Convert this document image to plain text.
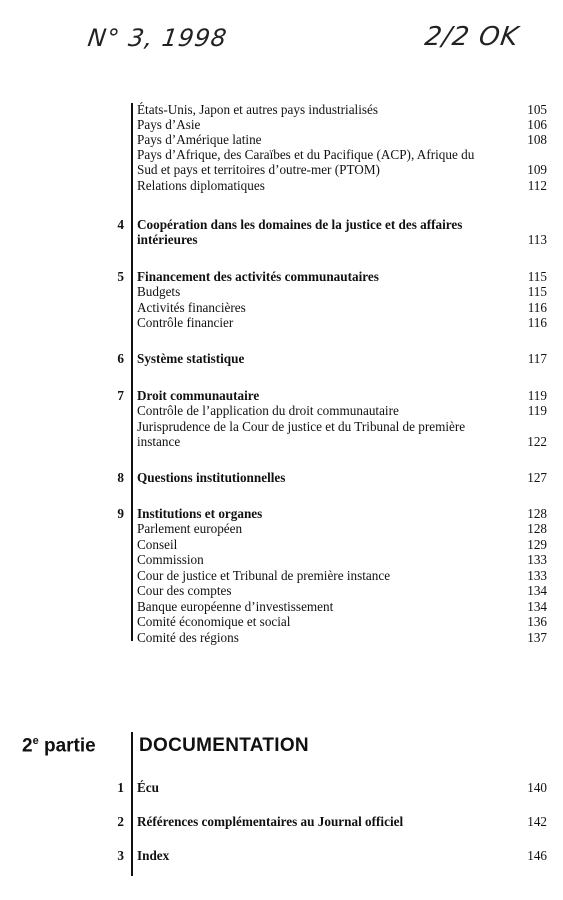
N° 3, 1998	2/2 OK
États-Unis, Japon et autres pays industrialisés	105
Pays d’Asie	106
Pays d’Amérique latine	108
Pays d’Afrique, des Caraïbes et du Pacifique (ACP), Afrique du Sud et pays et territoires d’outre-mer (PTOM)	109
Relations diplomatiques	112
4 Coopération dans les domaines de la justice et des affaires intérieures	113
5 Financement des activités communautaires	115
Budgets	115
Activités financières	116
Contrôle financier	116
6 Système statistique	117
7 Droit communautaire	119
Contrôle de l’application du droit communautaire	119
Jurisprudence de la Cour de justice et du Tribunal de première instance	122
8 Questions institutionnelles	127
9 Institutions et organes	128
Parlement européen	128
Conseil	129
Commission	133
Cour de justice et Tribunal de première instance	133
Cour des comptes	134
Banque européenne d’investissement	134
Comité économique et social	136
Comité des régions	137
2e partie DOCUMENTATION
1 Écu	140
2 Références complémentaires au Journal officiel	142
3 Index	146
